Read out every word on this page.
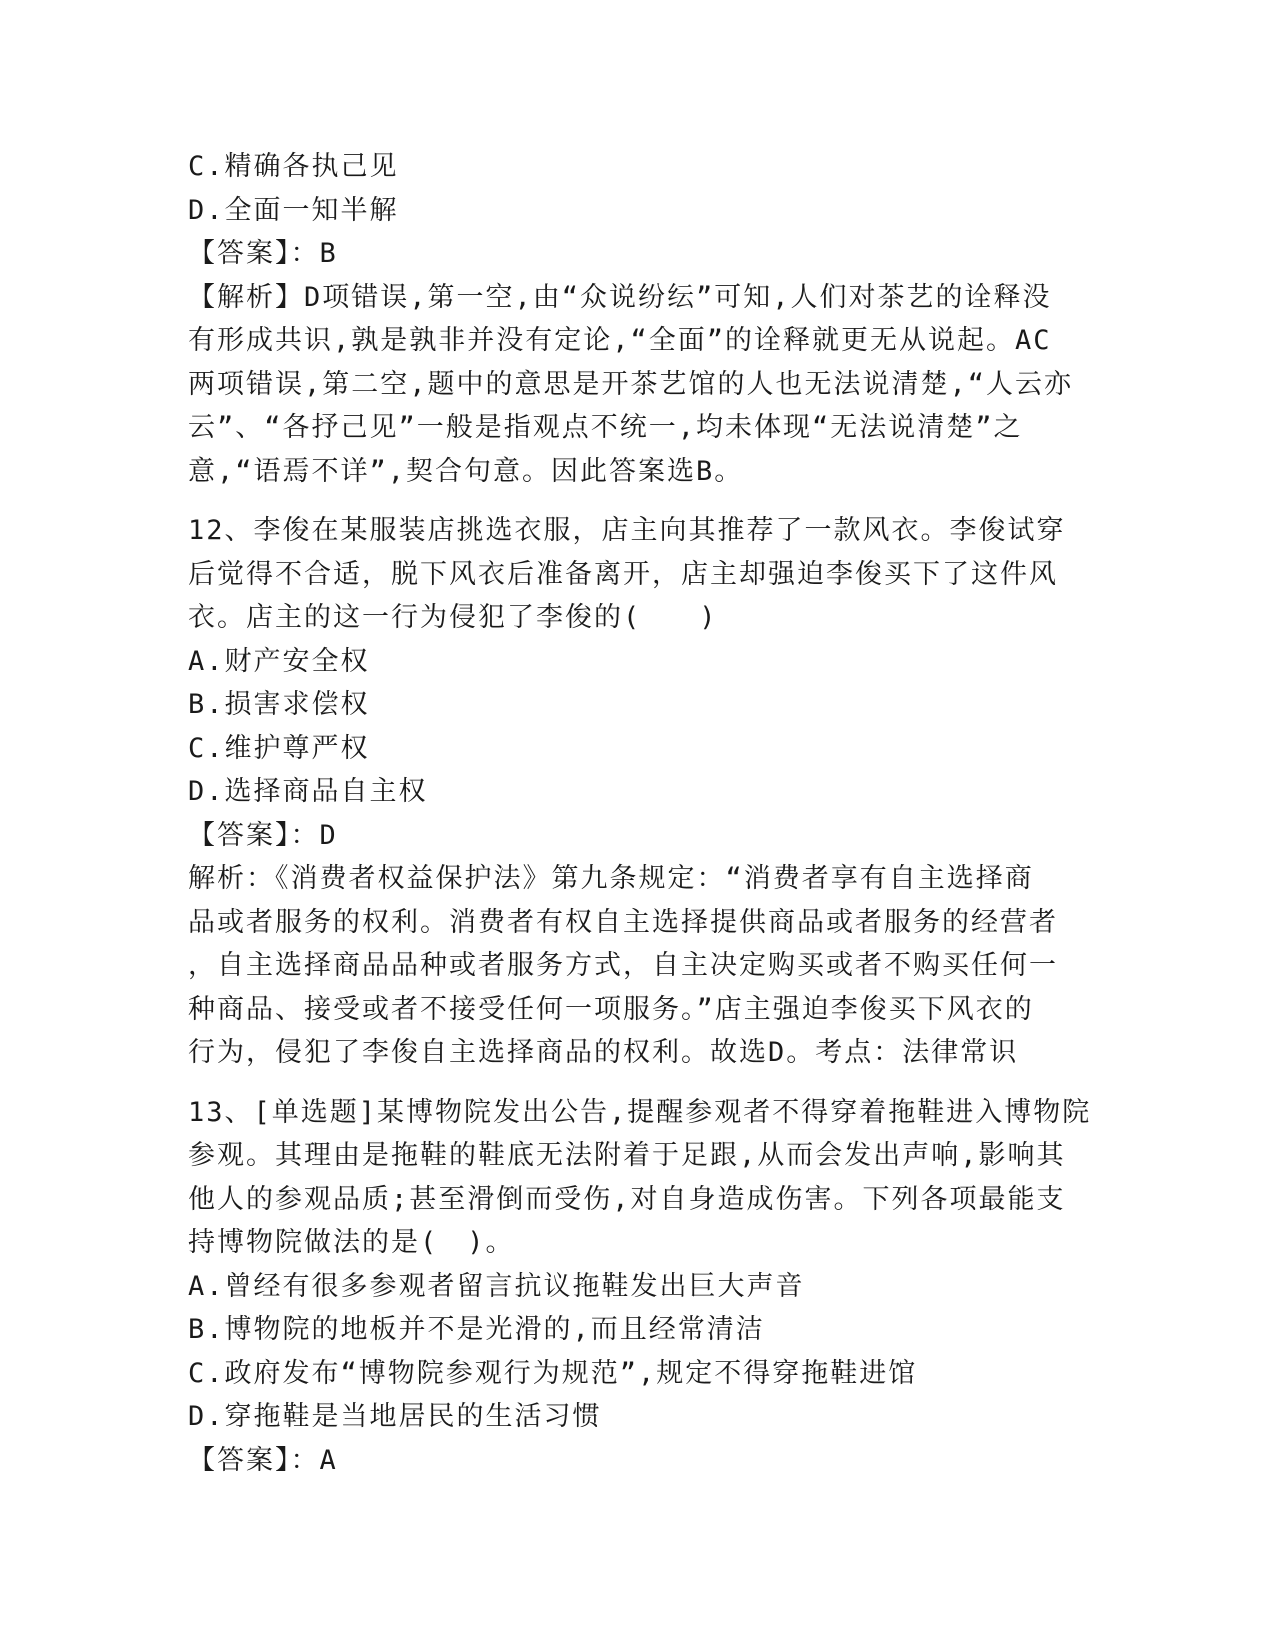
C.精确各执己见
D.全面一知半解
【答案】：B
【解析】D项错误,第一空,由“众说纷纭”可知,人们对茶艺的诠释没
有形成共识,孰是孰非并没有定论,“全面”的诠释就更无从说起。AC
两项错误,第二空,题中的意思是开茶艺馆的人也无法说清楚,“人云亦
云”、“各抒己见”一般是指观点不统一,均未体现“无法说清楚”之
意,“语焉不详”,契合句意。因此答案选B。
12、李俊在某服装店挑选衣服，店主向其推荐了一款风衣。李俊试穿
后觉得不合适，脱下风衣后准备离开，店主却强迫李俊买下了这件风
衣。店主的这一行为侵犯了李俊的(　　)
A.财产安全权
B.损害求偿权
C.维护尊严权
D.选择商品自主权
【答案】：D
解析：《消费者权益保护法》第九条规定：“消费者享有自主选择商
品或者服务的权利。消费者有权自主选择提供商品或者服务的经营者
，自主选择商品品种或者服务方式，自主决定购买或者不购买任何一
种商品、接受或者不接受任何一项服务。”店主强迫李俊买下风衣的
行为，侵犯了李俊自主选择商品的权利。故选D。考点：法律常识
13、[单选题]某博物院发出公告,提醒参观者不得穿着拖鞋进入博物院
参观。其理由是拖鞋的鞋底无法附着于足跟,从而会发出声响,影响其
他人的参观品质;甚至滑倒而受伤,对自身造成伤害。下列各项最能支
持博物院做法的是(　)。
A.曾经有很多参观者留言抗议拖鞋发出巨大声音
B.博物院的地板并不是光滑的,而且经常清洁
C.政府发布“博物院参观行为规范”,规定不得穿拖鞋进馆
D.穿拖鞋是当地居民的生活习惯
【答案】：A
